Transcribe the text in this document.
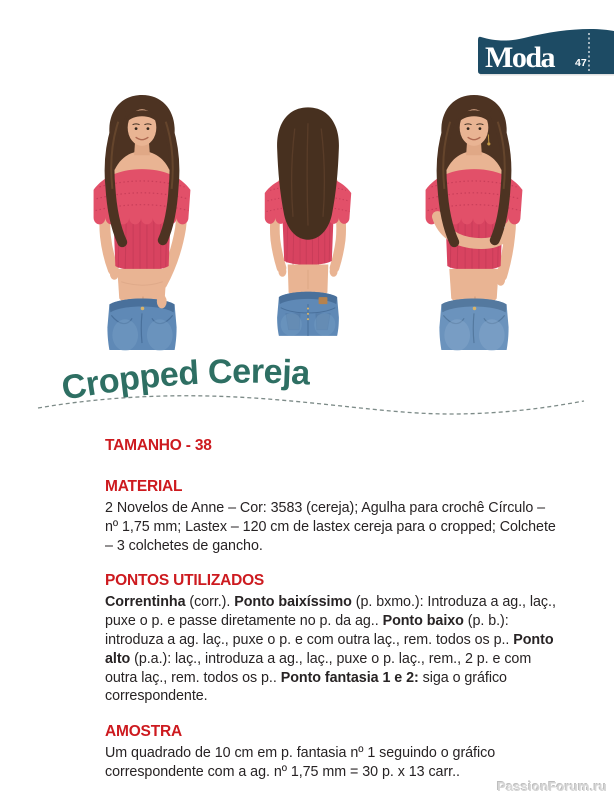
Moda 47
Cropped Cereja
TAMANHO - 38
MATERIAL

2 Novelos de Anne – Cor: 3583 (cereja); Agulha para crochê Círculo – nº 1,75 mm; Lastex – 120 cm de lastex cereja para o cropped; Colchete – 3 colchetes de gancho.

PONTOS UTILIZADOS

Correntinha (corr.). Ponto baixíssimo (p. bxmo.): Introduza a ag., laç., puxe o p. e passe diretamente no p. da ag.. Ponto baixo (p. b.): introduza a ag. laç., puxe o p. e com outra laç., rem. todos os p.. Ponto alto (p.a.): laç., introduza a ag., laç., puxe o p. laç., rem., 2 p. e com outra laç., rem. todos os p.. Ponto fantasia 1 e 2: siga o gráfico correspondente.

AMOSTRA

Um quadrado de 10 cm em p. fantasia nº 1 seguindo o gráfico correspondente com a ag. nº 1,75 mm = 30 p. x 13 carr..

PassionForum.ru
